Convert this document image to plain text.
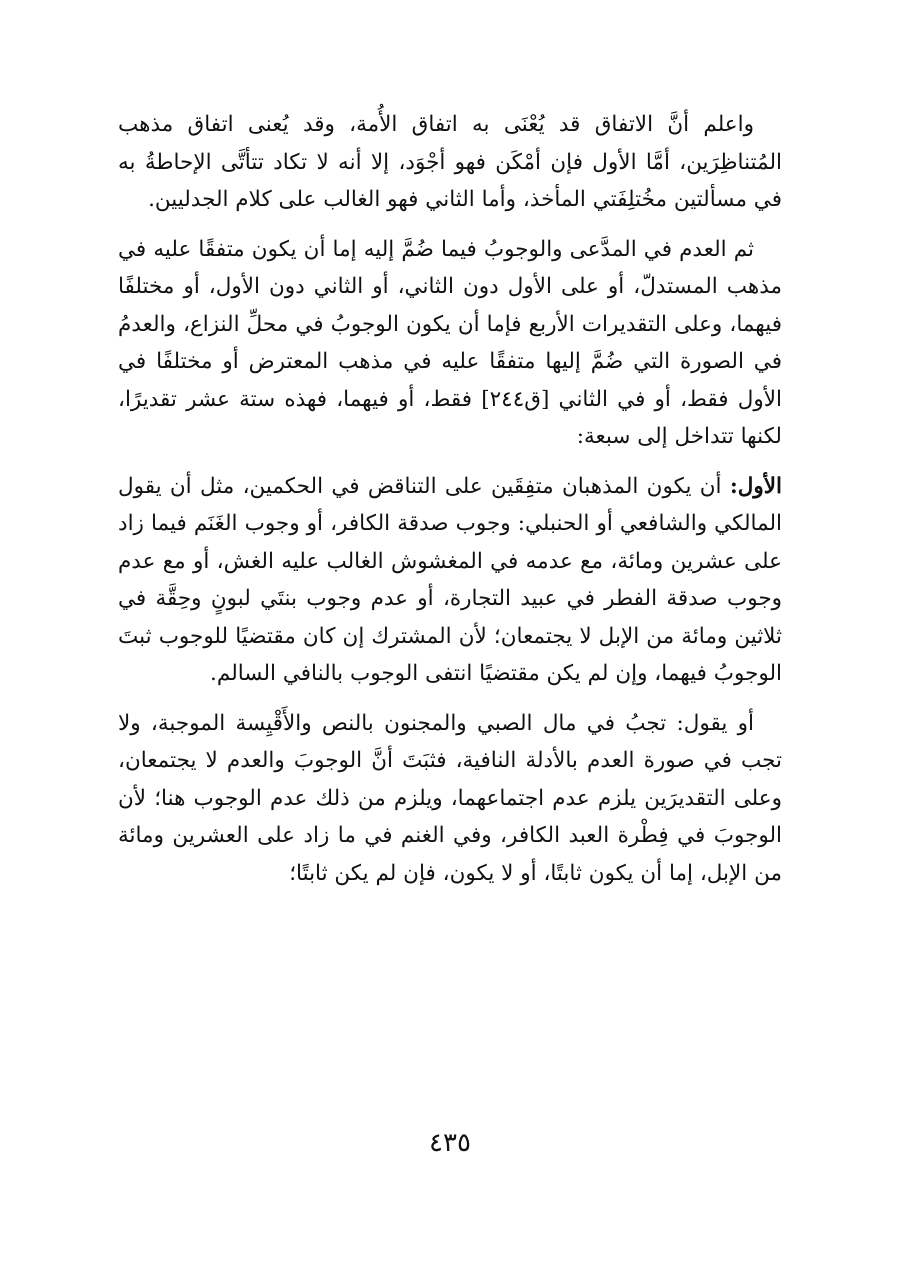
واعلم أنَّ الاتفاق قد يُعْنَى به اتفاق الأُمة، وقد يُعنى اتفاق مذهب المُتناظِرَين، أمَّا الأول فإن أمْكَن فهو أجْوَد، إلا أنه لا تكاد تتأتَّى الإحاطةُ به في مسألتين مخُتلِفَتي المأخذ، وأما الثاني فهو الغالب على كلام الجدليين.

ثم العدم في المدَّعى والوجوبُ فيما ضُمَّ إليه إما أن يكون متفقًا عليه في مذهب المستدلّ، أو على الأول دون الثاني، أو الثاني دون الأول، أو مختلفًا فيهما، وعلى التقديرات الأربع فإما أن يكون الوجوبُ في محلِّ النزاع، والعدمُ في الصورة التي ضُمَّ إليها متفقًا عليه في مذهب المعترض أو مختلفًا في الأول فقط، أو في الثاني [ق٢٤٤] فقط، أو فيهما، فهذه ستة عشر تقديرًا، لكنها تتداخل إلى سبعة:

الأول: أن يكون المذهبان متفِقَين على التناقض في الحكمين، مثل أن يقول المالكي والشافعي أو الحنبلي: وجوب صدقة الكافر، أو وجوب الغَنَم فيما زاد على عشرين ومائة، مع عدمه في المغشوش الغالب عليه الغش، أو مع عدم وجوب صدقة الفطر في عبيد التجارة، أو عدم وجوب بنتَي لبونٍ وحِقَّة في ثلاثين ومائة من الإبل لا يجتمعان؛ لأن المشترك إن كان مقتضيًا للوجوب ثبتَ الوجوبُ فيهما، وإن لم يكن مقتضيًا انتفى الوجوب بالنافي السالم.

أو يقول: تجبُ في مال الصبي والمجنون بالنص والأَقْيِسة الموجبة، ولا تجب في صورة العدم بالأدلة النافية، فثبَتَ أنَّ الوجوبَ والعدم لا يجتمعان، وعلى التقديرَين يلزم عدم اجتماعهما، ويلزم من ذلك عدم الوجوب هنا؛ لأن الوجوبَ في فِطْرة العبد الكافر، وفي الغنم في ما زاد على العشرين ومائة من الإبل، إما أن يكون ثابتًا، أو لا يكون، فإن لم يكن ثابتًا؛

٤٣٥
